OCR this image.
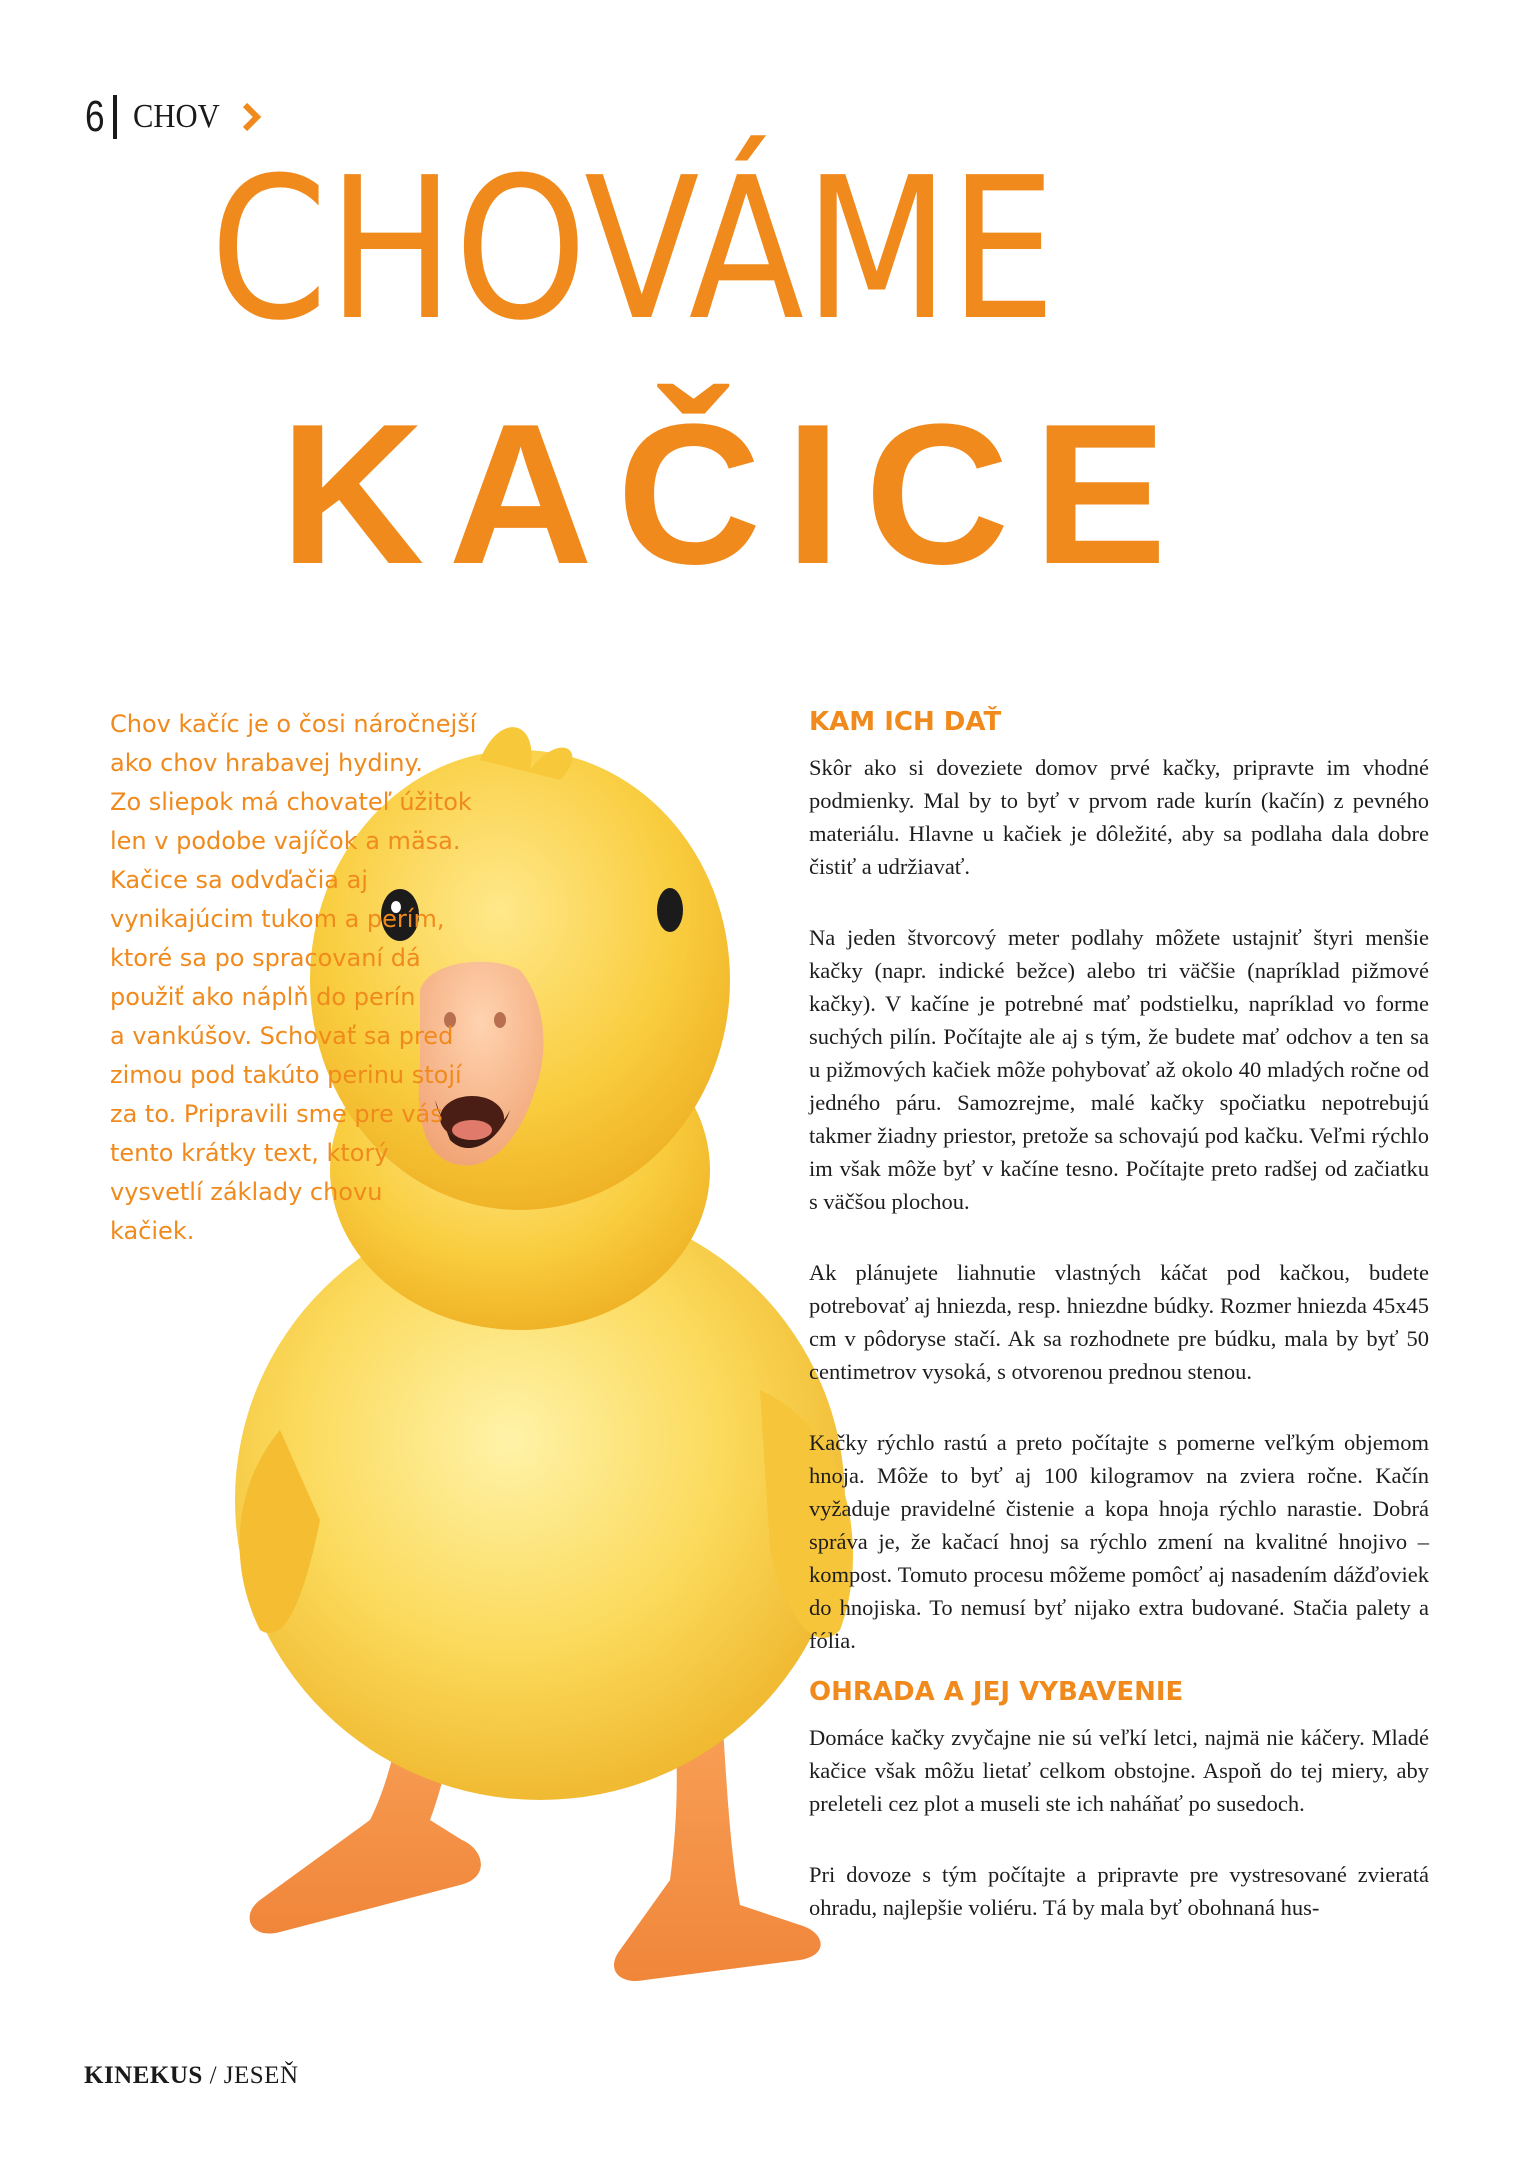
6 CHOV
CHOVÁME
KAČICE

Chov kačíc je o čosi náročnejší

ako chov hrabavej hydiny.

Zo sliepok má chovateľ úžitok

len v podobe vajíčok a mäsa.

Kačice sa odvďačia aj

vynikajúcim tukom a perím,

ktoré sa po spracovaní dá

použiť ako náplň do perín

a vankúšov. Schovať sa pred

zimou pod takúto perinu stojí

za to. Pripravili sme pre vás

tento krátky text, ktorý

vysvetlí základy chovu

kačiek.

KAM ICH DAŤ

Skôr ako si doveziete domov prvé kačky, pripravte im vhodné podmienky. Mal by to byť v prvom rade kurín (kačín) z pevného materiálu. Hlavne u kačiek je dôležité, aby sa podlaha dala dobre čistiť a udržiavať.

Na jeden štvorcový meter podlahy môžete ustajniť štyri menšie kačky (napr. indické bežce) alebo tri väčšie (napríklad pižmové kačky). V kačíne je potrebné mať podstielku, napríklad vo forme suchých pilín. Počítajte ale aj s tým, že budete mať odchov a ten sa u pižmových kačiek môže pohybovať až okolo 40 mladých ročne od jedného páru. Samozrejme, malé kačky spočiatku nepotrebujú takmer žiadny priestor, pretože sa schovajú pod kačku. Veľmi rýchlo im však môže byť v kačíne tesno. Počítajte preto radšej od začiatku s väčšou plochou.

Ak plánujete liahnutie vlastných káčat pod kačkou, budete potrebovať aj hniezda, resp. hniezdne búdky. Rozmer hniezda 45x45 cm v pôdoryse stačí. Ak sa rozhodnete pre búdku, mala by byť 50 centimetrov vysoká, s otvorenou prednou stenou.

Kačky rýchlo rastú a preto počítajte s pomerne veľkým objemom hnoja. Môže to byť aj 100 kilogramov na zviera ročne. Kačín vyžaduje pravidelné čistenie a kopa hnoja rýchlo narastie. Dobrá správa je, že kačací hnoj sa rýchlo zmení na kvalitné hnojivo – kompost. Tomuto procesu môžeme pomôcť aj nasadením dážďoviek do hnojiska. To nemusí byť nijako extra budované. Stačia palety a fólia.

OHRADA A JEJ VYBAVENIE

Domáce kačky zvyčajne nie sú veľkí letci, najmä nie káčery. Mladé kačice však môžu lietať celkom obstojne. Aspoň do tej miery, aby preleteli cez plot a museli ste ich naháňať po susedoch.

Pri dovoze s tým počítajte a pripravte pre vystresované zvieratá ohradu, najlepšie voliéru. Tá by mala byť obohnaná hus-

KINEKUS / JESEŇ
